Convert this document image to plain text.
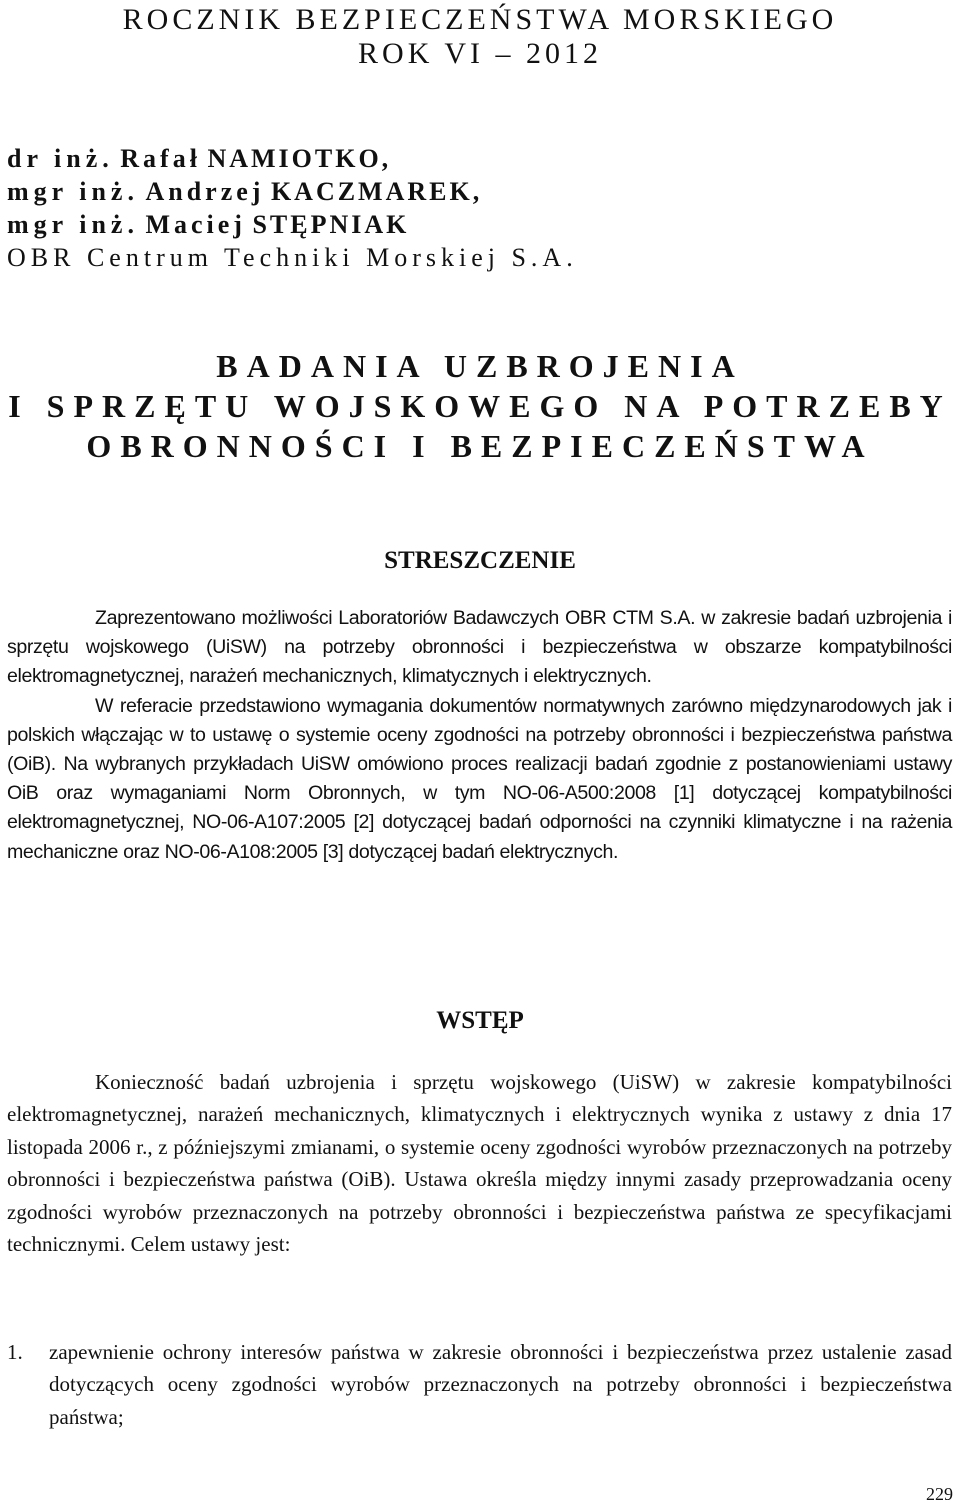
ROCZNIK BEZPIECZEŃSTWA MORSKIEGO
ROK VI – 2012
dr inż. Rafał NAMIOTKO,
mgr inż. Andrzej KACZMAREK,
mgr inż. Maciej STĘPNIAK
OBR Centrum Techniki Morskiej S.A.
BADANIA UZBROJENIA
I SPRZĘTU WOJSKOWEGO NA POTRZEBY
OBRONNOŚCI I BEZPIECZEŃSTWA
STRESZCZENIE

Zaprezentowano możliwości Laboratoriów Badawczych OBR CTM S.A. w zakresie badań uzbrojenia i sprzętu wojskowego (UiSW) na potrzeby obronności i bezpieczeństwa w obszarze kompatybilności elektromagnetycznej, narażeń mechanicznych, klimatycznych i elektrycznych.

W referacie przedstawiono wymagania dokumentów normatywnych zarówno międzynarodowych jak i polskich włączając w to ustawę o systemie oceny zgodności na potrzeby obronności i bezpieczeństwa państwa (OiB). Na wybranych przykładach UiSW omówiono proces realizacji badań zgodnie z postanowieniami ustawy OiB oraz wymaganiami Norm Obronnych, w tym NO-06-A500:2008 [1] dotyczącej kompatybilności elektromagnetycznej, NO-06-A107:2005 [2] dotyczącej badań odporności na czynniki klimatyczne i na rażenia mechaniczne oraz NO-06-A108:2005 [3] dotyczącej badań elektrycznych.

WSTĘP

Konieczność badań uzbrojenia i sprzętu wojskowego (UiSW) w zakresie kompatybilności elektromagnetycznej, narażeń mechanicznych, klimatycznych i elektrycznych wynika z ustawy z dnia 17 listopada 2006 r., z późniejszymi zmianami, o systemie oceny zgodności wyrobów przeznaczonych na potrzeby obronności i bezpieczeństwa państwa (OiB). Ustawa określa między innymi zasady przeprowadzania oceny zgodności wyrobów przeznaczonych na potrzeby obronności i bezpieczeństwa państwa ze specyfikacjami technicznymi. Celem ustawy jest:

1.	zapewnienie ochrony interesów państwa w zakresie obronności i bezpieczeństwa przez ustalenie zasad dotyczących oceny zgodności wyrobów przeznaczonych na potrzeby obronności i bezpieczeństwa państwa;
229
